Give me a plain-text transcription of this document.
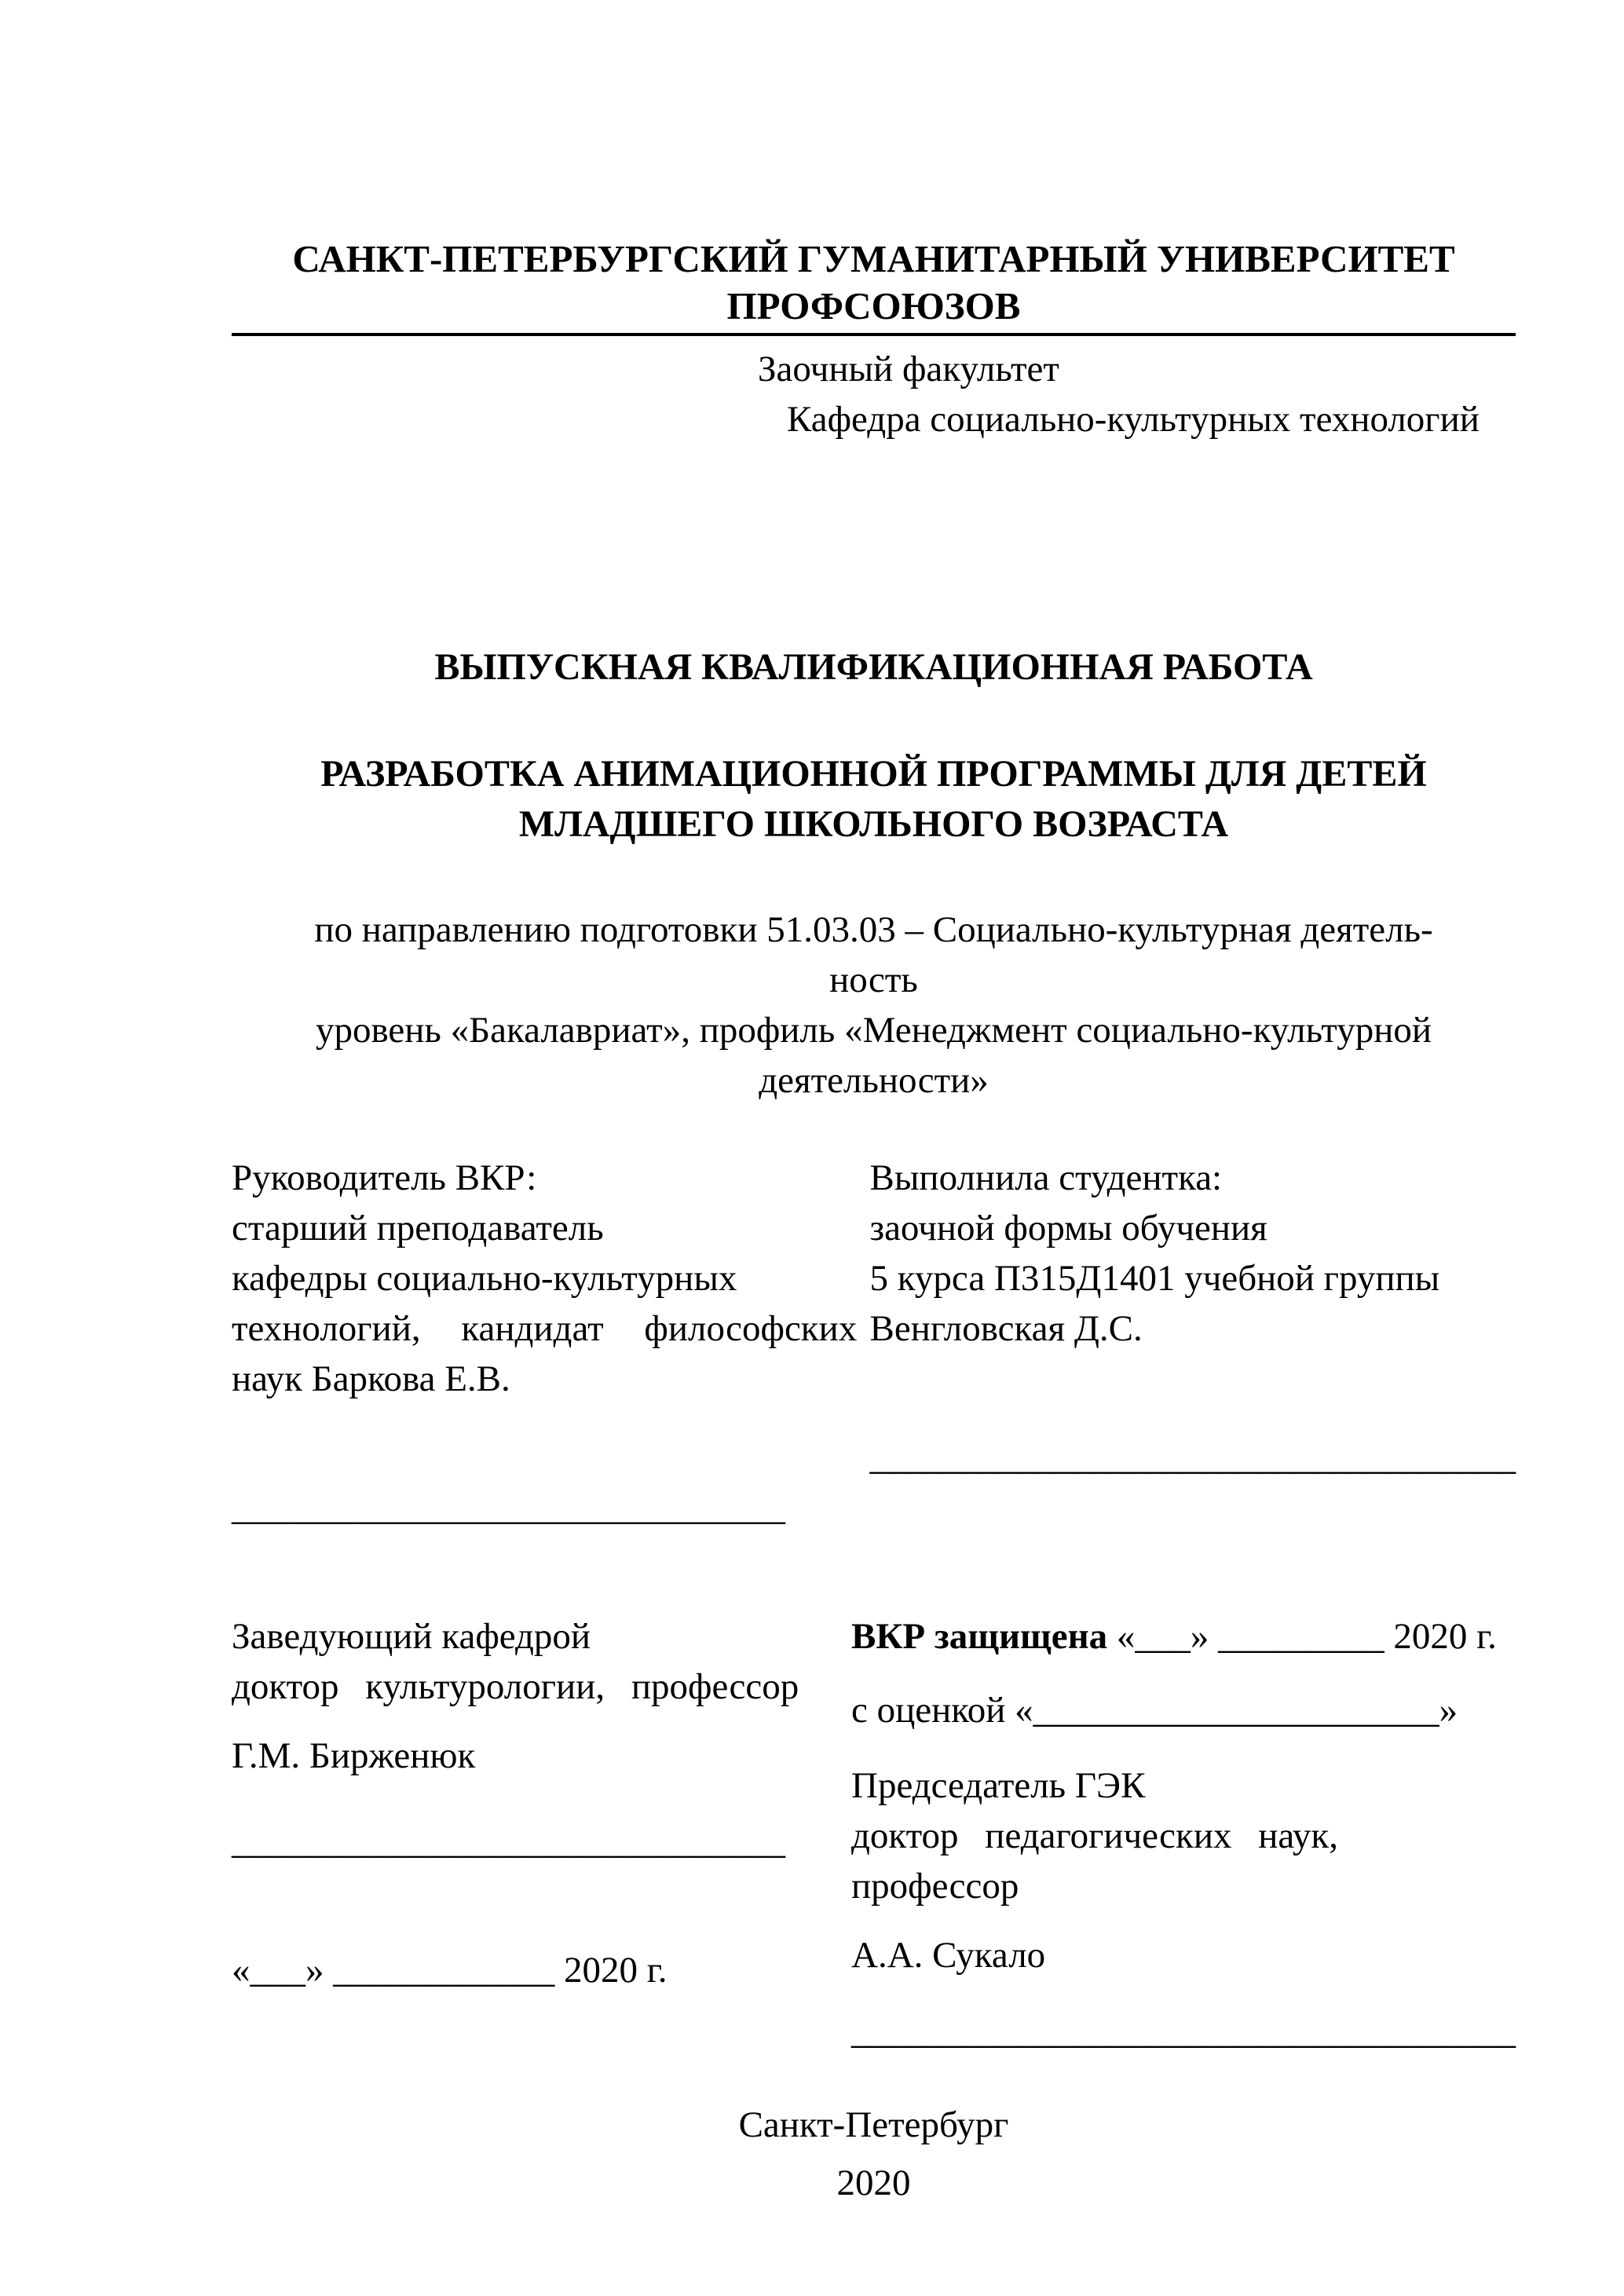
САНКТ-ПЕТЕРБУРГСКИЙ ГУМАНИТАРНЫЙ УНИВЕРСИТЕТ
ПРОФСОЮЗОВ
Заочный факультет
Кафедра социально-культурных технологий
ВЫПУСКНАЯ КВАЛИФИКАЦИОННАЯ РАБОТА
РАЗРАБОТКА АНИМАЦИОННОЙ ПРОГРАММЫ ДЛЯ ДЕТЕЙ
МЛАДШЕГО ШКОЛЬНОГО ВОЗРАСТА
по направлению подготовки 51.03.03 – Социально-культурная деятель-
ность
уровень «Бакалавриат», профиль «Менеджмент социально-культурной
деятельности»
Руководитель ВКР:
старший преподаватель
кафедры социально-культурных
технологий, кандидат философских
наук Баркова Е.В.
______________________________
Выполнила студентка:
заочной формы обучения
5 курса П315Д1401 учебной группы
Венгловская Д.С.
___________________________________
Заведующий кафедрой
доктор культурологии, профессор
Г.М. Бирженюк
______________________________
«___» ____________ 2020 г.
ВКР защищена «___» _________ 2020 г.
с оценкой «______________________»
Председатель ГЭК
доктор педагогических наук, профессор
А.А. Сукало
____________________________________
Санкт-Петербург
2020
